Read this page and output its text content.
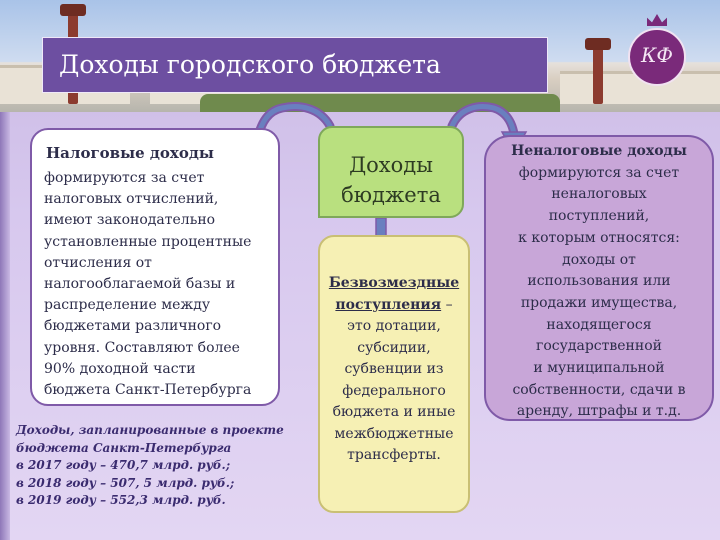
Доходы городского бюджета	КФ
Налоговые доходы
формируются за счет
налоговых отчислений,
имеют законодательно
установленные процентные
отчисления от
налогооблагаемой базы и
распределение между
бюджетами различного
уровня. Составляют более
90% доходной части
бюджета Санкт-Петербурга
Доходы
бюджета
Безвозмездные
поступления –
это дотации,
субсидии,
субвенции из
федерального
бюджета и иные
межбюджетные
трансферты.
Неналоговые доходы
формируются за счет
неналоговых
поступлений,
к которым относятся:
доходы от
использования или
продажи имущества,
находящегося
государственной
и муниципальной
собственности, сдачи в
аренду, штрафы и т.д.
Доходы, запланированные в проекте
бюджета Санкт-Петербурга
в 2017 году – 470,7 млрд. руб.;
в 2018 году – 507, 5 млрд. руб.;
в 2019 году – 552,3 млрд. руб.
